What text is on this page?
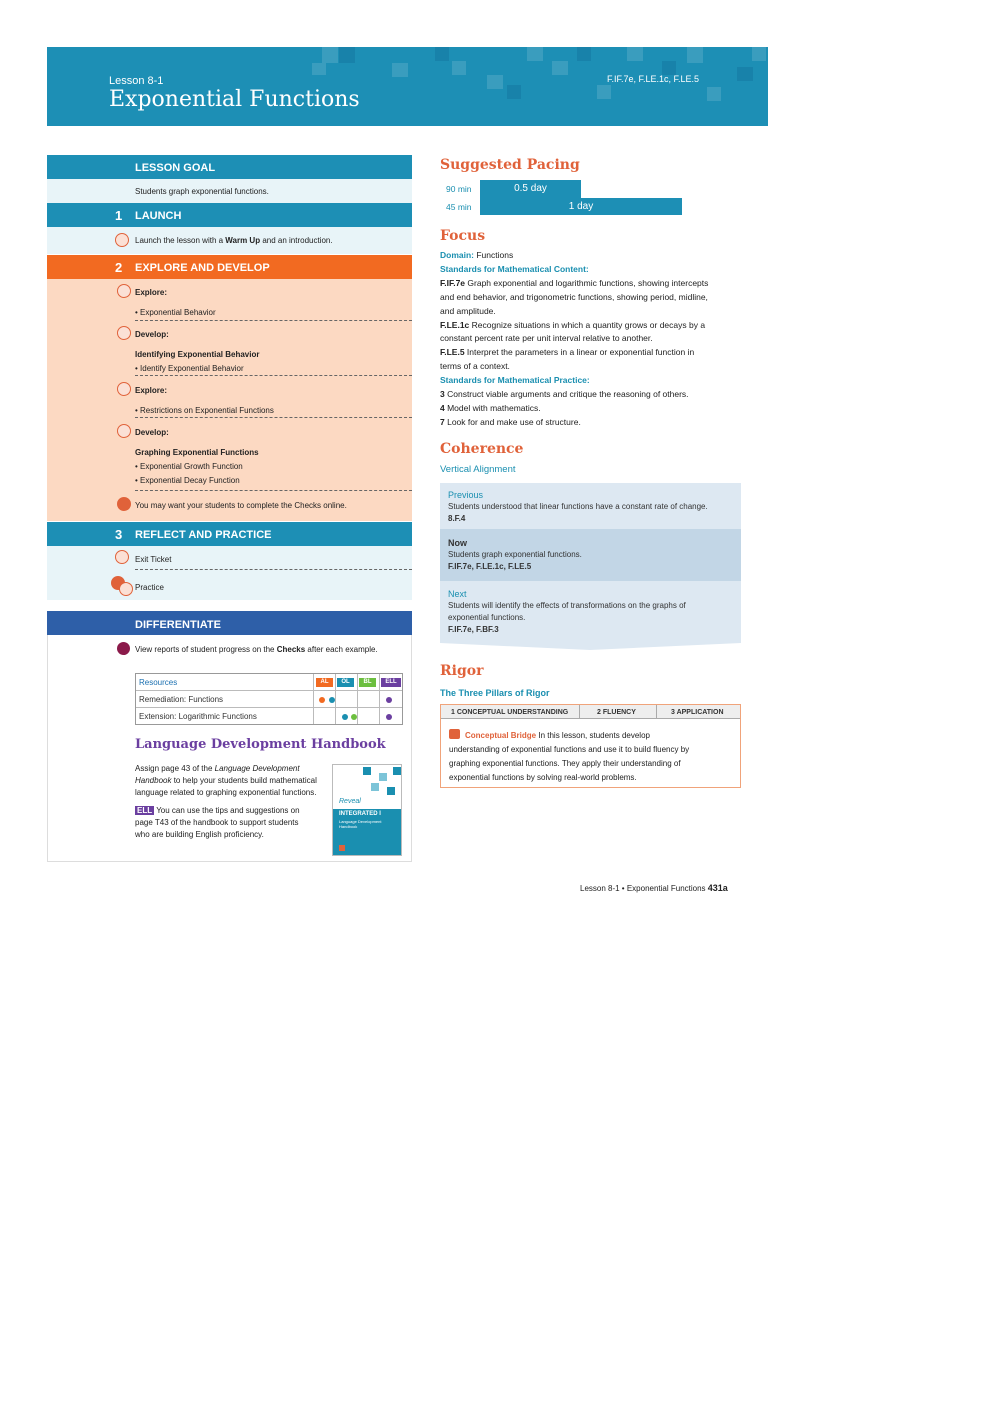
Lesson 8-1
Exponential Functions
F.IF.7e, F.LE.1c, F.LE.5
LESSON GOAL
Students graph exponential functions.
1 LAUNCH
Launch the lesson with a Warm Up and an introduction.
2 EXPLORE AND DEVELOP
Explore:
• Exponential Behavior
Develop:
Identifying Exponential Behavior
• Identify Exponential Behavior
Explore:
• Restrictions on Exponential Functions
Develop:
Graphing Exponential Functions
• Exponential Growth Function
• Exponential Decay Function
You may want your students to complete the Checks online.
3 REFLECT AND PRACTICE
Exit Ticket
Practice
DIFFERENTIATE
View reports of student progress on the Checks after each example.
Resources	AL	OL	BL	ELL
Remediation: Functions
Extension: Logarithmic Functions
Language Development Handbook
Assign page 43 of the Language Development
Handbook to help your students build mathematical
language related to graphing exponential functions.
ELL You can use the tips and suggestions on
page T43 of the handbook to support students
who are building English proficiency.
Reveal
INTEGRATED I
Language Development Handbook
Suggested Pacing
90 min	0.5 day
45 min	1 day
Focus
Domain: Functions
Standards for Mathematical Content:
F.IF.7e Graph exponential and logarithmic functions, showing intercepts
and end behavior, and trigonometric functions, showing period, midline,
and amplitude.
F.LE.1c Recognize situations in which a quantity grows or decays by a
constant percent rate per unit interval relative to another.
F.LE.5 Interpret the parameters in a linear or exponential function in
terms of a context.
Standards for Mathematical Practice:
3 Construct viable arguments and critique the reasoning of others.
4 Model with mathematics.
7 Look for and make use of structure.
Coherence
Vertical Alignment
Previous
Students understood that linear functions have a constant rate of change.
8.F.4
Now
Students graph exponential functions.
F.IF.7e, F.LE.1c, F.LE.5
Next
Students will identify the effects of transformations on the graphs of
exponential functions.
F.IF.7e, F.BF.3
Rigor
The Three Pillars of Rigor
1 CONCEPTUAL UNDERSTANDING	2 FLUENCY	3 APPLICATION
Conceptual Bridge In this lesson, students develop
understanding of exponential functions and use it to build fluency by
graphing exponential functions. They apply their understanding of
exponential functions by solving real-world problems.
Lesson 8-1 • Exponential Functions 431a
